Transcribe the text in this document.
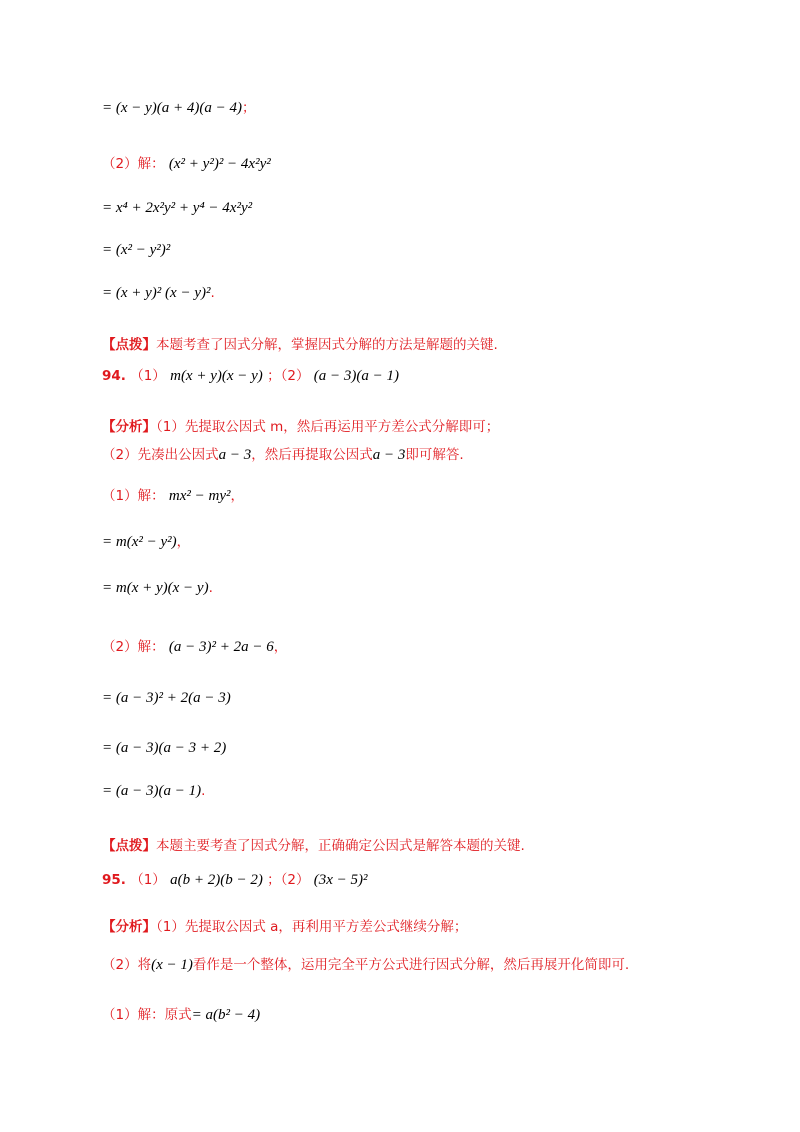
= (x − y)(a + 4)(a − 4)；
（2）解： (x² + y²)² − 4x²y²
= x⁴ + 2x²y² + y⁴ − 4x²y²
= (x² − y²)²
= (x + y)² (x − y)².
【点拨】本题考查了因式分解，掌握因式分解的方法是解题的关键.
94. （1） m(x + y)(x − y) ；（2） (a − 3)(a − 1)
【分析】（1）先提取公因式 m，然后再运用平方差公式分解即可；
（2）先凑出公因式a − 3，然后再提取公因式a − 3即可解答.
（1）解： mx² − my²，
= m(x² − y²)，
= m(x + y)(x − y).
（2）解： (a − 3)² + 2a − 6，
= (a − 3)² + 2(a − 3)
= (a − 3)(a − 3 + 2)
= (a − 3)(a − 1).
【点拨】本题主要考查了因式分解，正确确定公因式是解答本题的关键.
95. （1） a(b + 2)(b − 2) ；（2） (3x − 5)²
【分析】（1）先提取公因式 a，再利用平方差公式继续分解；
（2）将(x − 1)看作是一个整体，运用完全平方公式进行因式分解，然后再展开化简即可.
（1）解：原式= a(b² − 4)
